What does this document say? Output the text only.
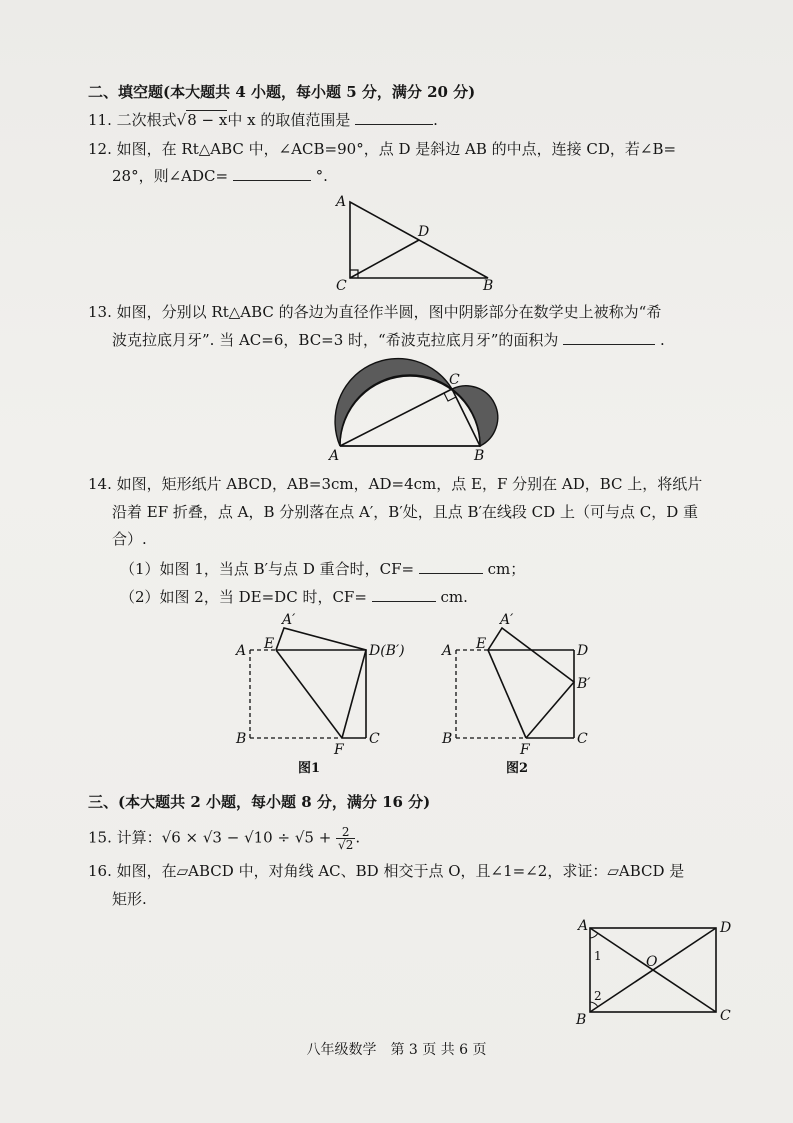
二、填空题(本大题共 4 小题，每小题 5 分，满分 20 分)
11. 二次根式√8 − x中 x 的取值范围是	.
12. 如图，在 Rt△ABC 中，∠ACB=90°，点 D 是斜边 AB 的中点，连接 CD，若∠B=
28°，则∠ADC=	°.
A
D
C	B
13. 如图，分别以 Rt△ABC 的各边为直径作半圆，图中阴影部分在数学史上被称为“希
波克拉底月牙”. 当 AC=6，BC=3 时，“希波克拉底月牙”的面积为	.
C
A	B
14. 如图，矩形纸片 ABCD，AB=3cm，AD=4cm，点 E，F 分别在 AD，BC 上，将纸片
沿着 EF 折叠，点 A，B 分别落在点 A′，B′处，且点 B′在线段 CD 上（可与点 C，D 重
合）.
（1）如图 1，当点 B′与点 D 重合时，CF=	cm；
（2）如图 2，当 DE=DC 时，CF=	cm.
A′
A E	D(B′)
B
F
C
图1
A′
A E	D
B′
B
F
C
图2
三、(本大题共 2 小题，每小题 8 分，满分 16 分)
15. 计算：$√6 \times √3 - √10 \div √5 + \frac{2}{√2}$ .
16. 如图，在▱ABCD 中，对角线 AC、BD 相交于点 O，且∠1=∠2，求证：▱ABCD 是
矩形.
A	D
1	O
2
B	C
八年级数学　第 3 页 共 6 页
